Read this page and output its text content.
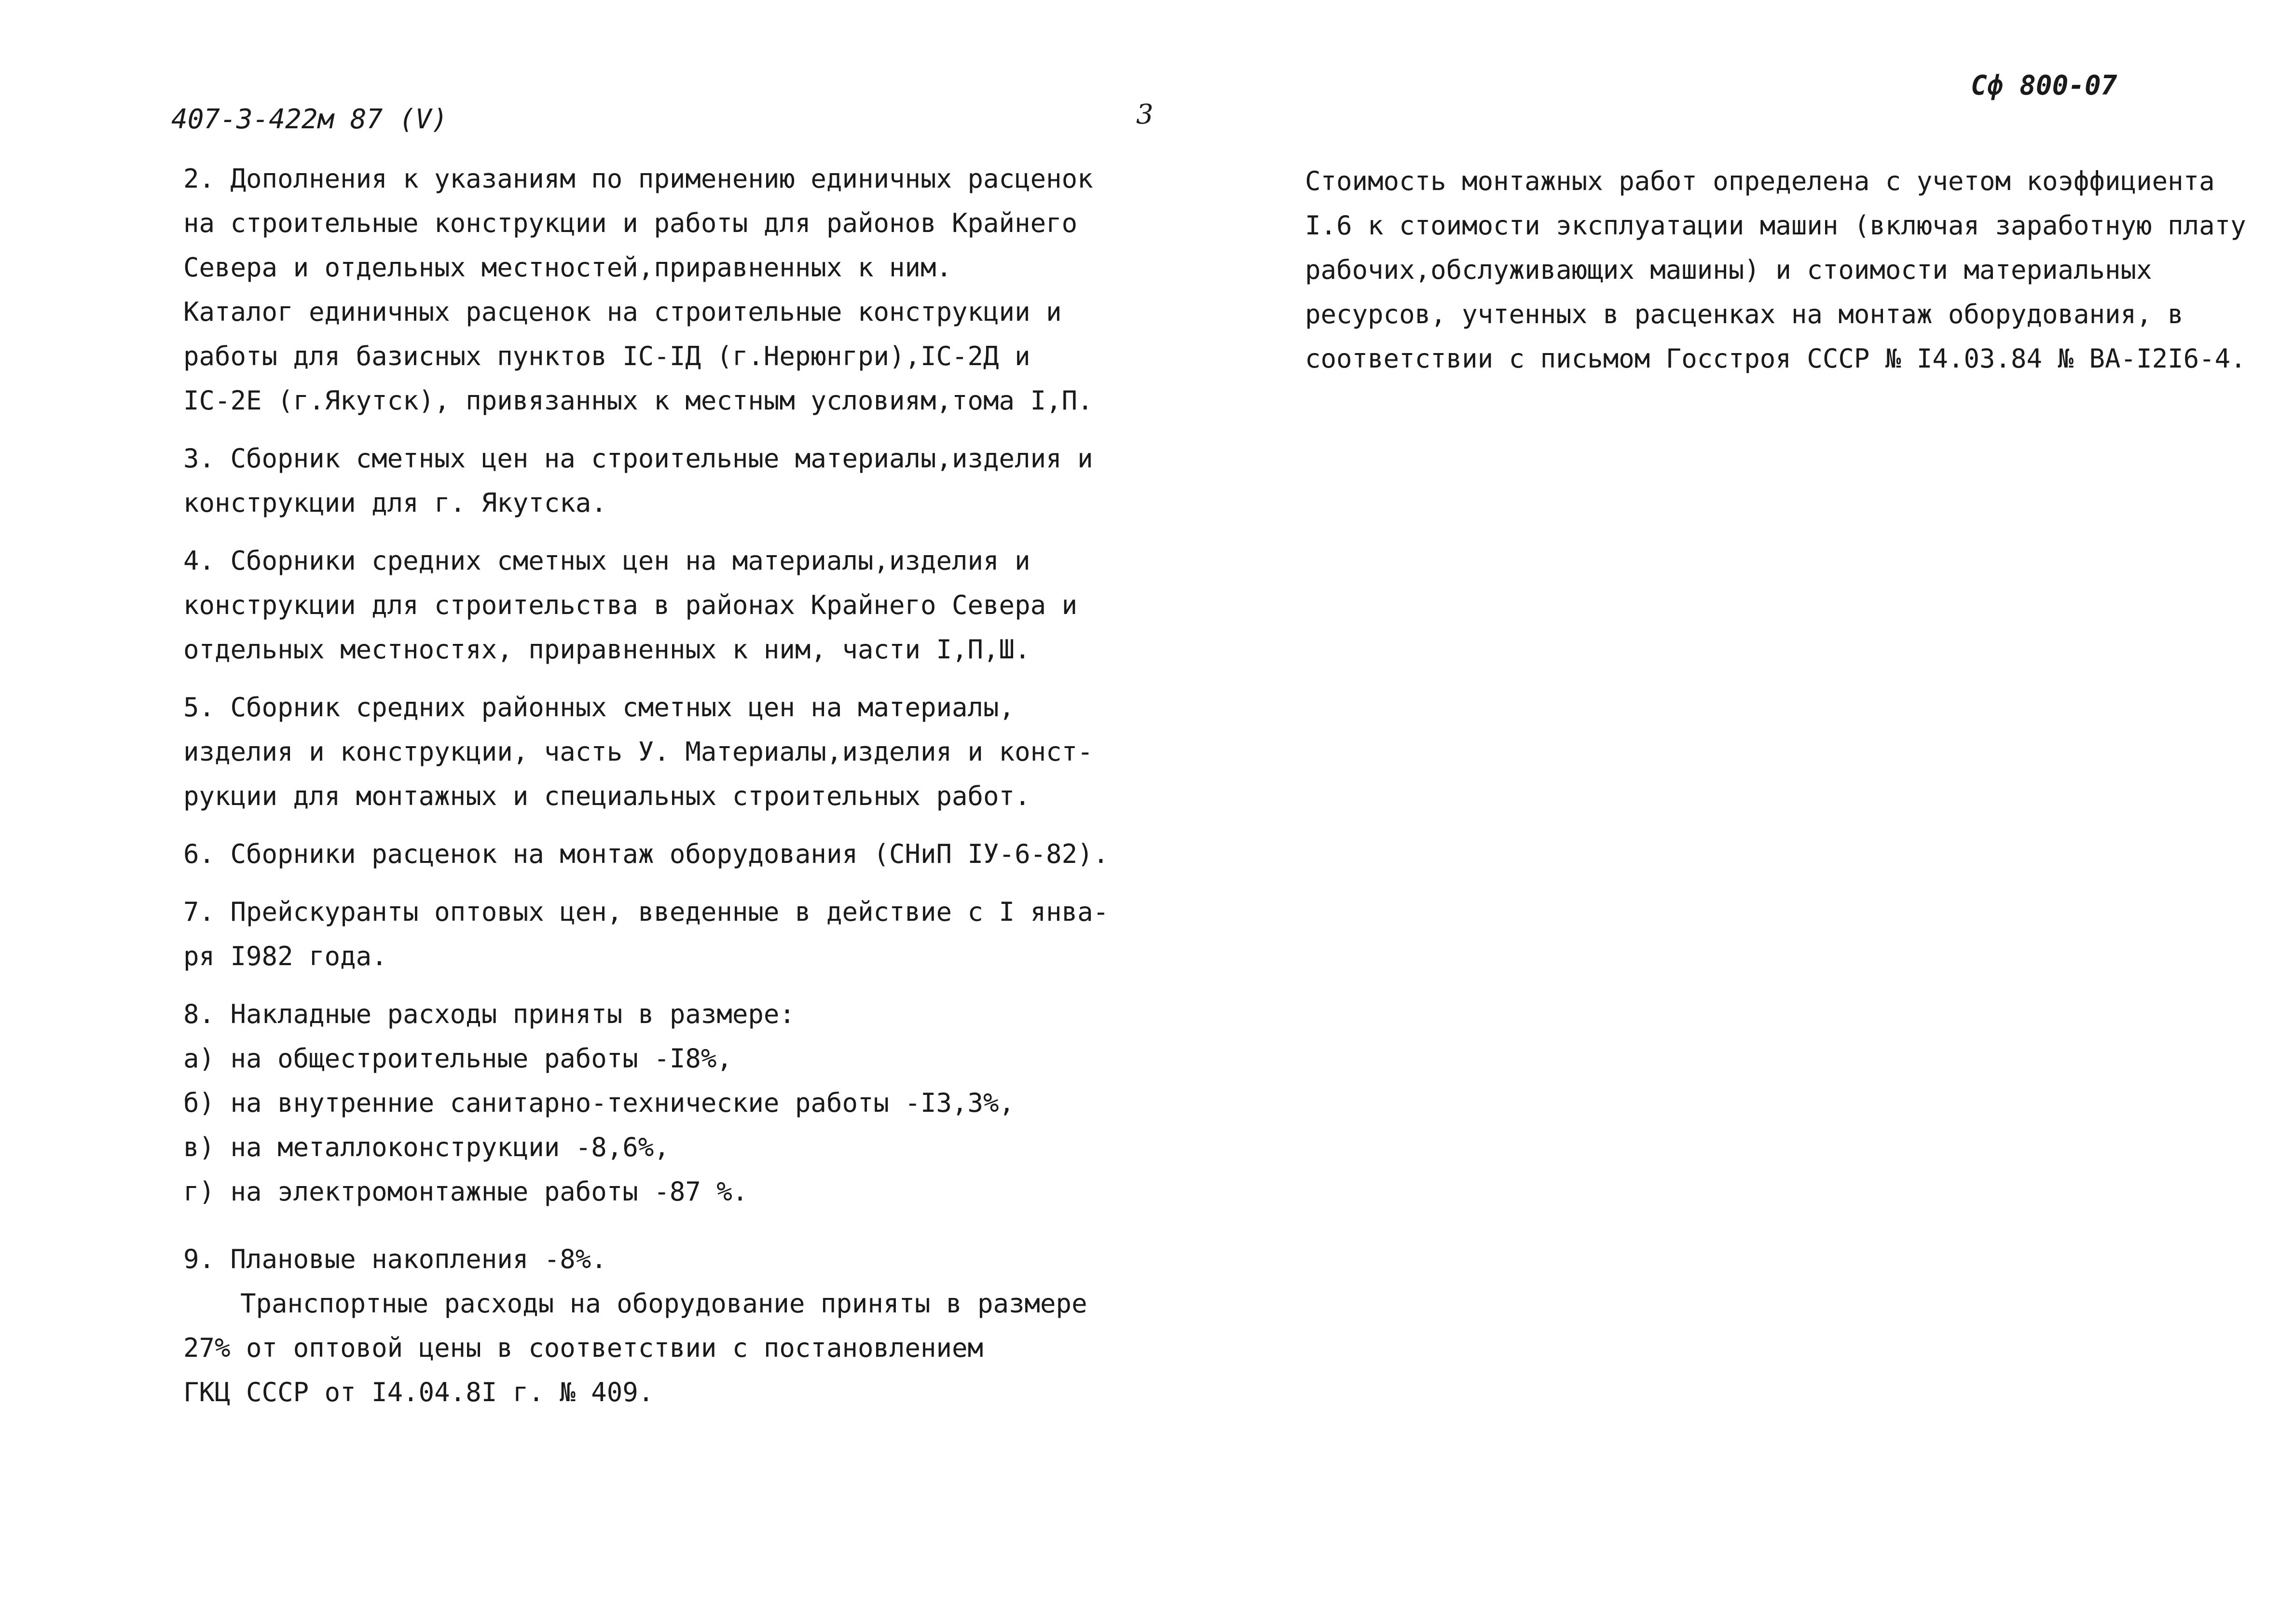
407-3-422м 87 (V)	3
Сф 800-07
2. Дополнения к указаниям по применению единичных расценок
на строительные конструкции и работы для районов Крайнего
Севера и отдельных местностей,приравненных к ним.
Каталог единичных расценок на строительные конструкции и
работы для базисных пунктов IС-IД (г.Нерюнгри),IС-2Д и
IС-2Е (г.Якутск), привязанных к местным условиям,тома I,П.
3. Сборник сметных цен на строительные материалы,изделия и
конструкции для г. Якутска.
4. Сборники средних сметных цен на материалы,изделия и
конструкции для строительства в районах Крайнего Севера и
отдельных местностях, приравненных к ним, части I,П,Ш.
5. Сборник средних районных сметных цен на материалы,
изделия и конструкции, часть У. Материалы,изделия и конст-
рукции для монтажных и специальных строительных работ.
6. Сборники расценок на монтаж оборудования (СНиП IУ-6-82).
7. Прейскуранты оптовых цен, введенные в действие с I янва-
ря I982 года.
8. Накладные расходы приняты в размере:
а) на общестроительные работы -I8%,
б) на внутренние санитарно-технические работы -I3,3%,
в) на металлоконструкции -8,6%,
г) на электромонтажные работы -87 %.
9. Плановые накопления -8%.
Транспортные расходы на оборудование приняты в размере
27% от оптовой цены в соответствии с постановлением
ГКЦ СССР от I4.04.8I г. № 409.
Стоимость монтажных работ определена с учетом коэффициента
I.6 к стоимости эксплуатации машин (включая заработную плату
рабочих,обслуживающих машины) и стоимости материальных
ресурсов, учтенных в расценках на монтаж оборудования, в
соответствии с письмом Госстроя СССР № I4.03.84 № ВА-I2I6-4.
